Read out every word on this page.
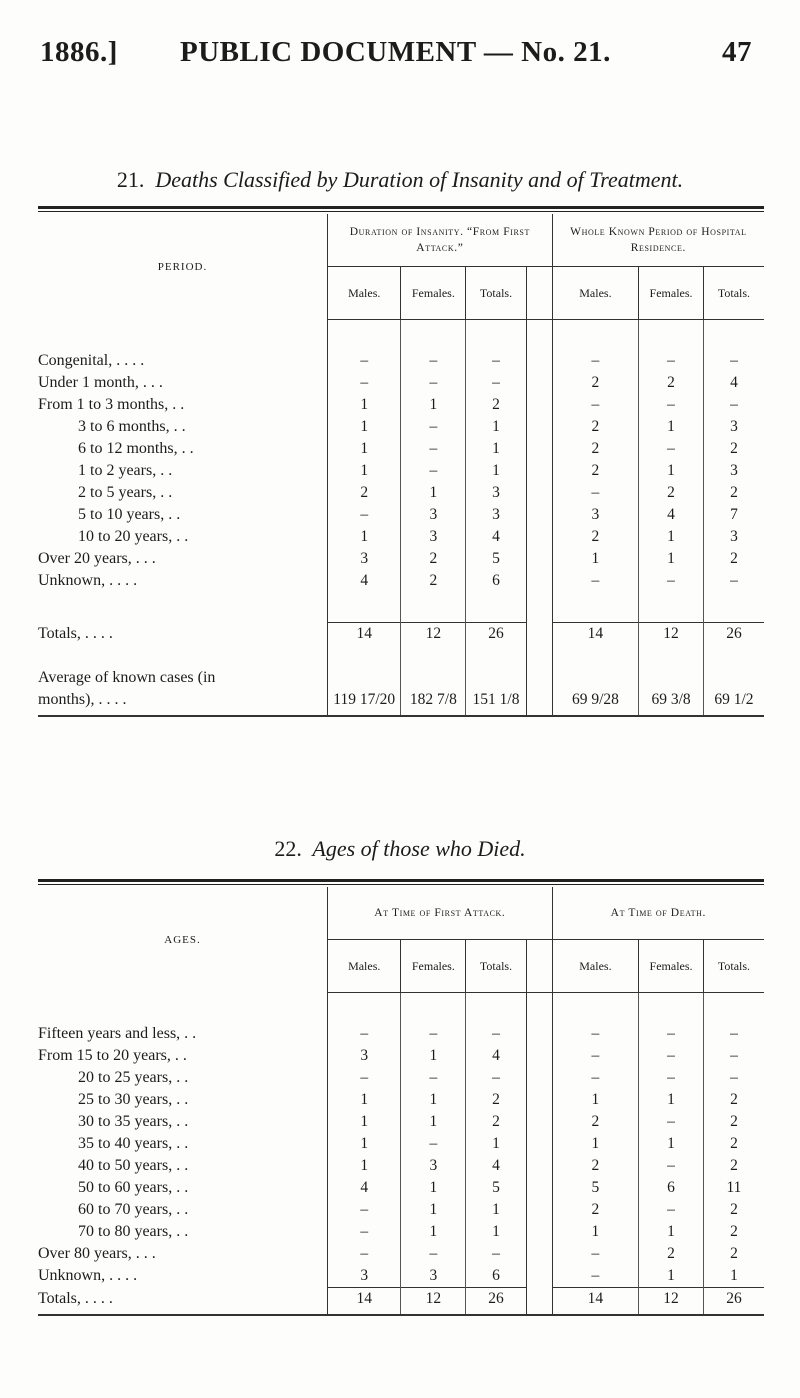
1886.] PUBLIC DOCUMENT — No. 21.	47
21. Deaths Classified by Duration of Insanity and of Treatment.
PERIOD.	Duration of Insanity. “From First Attack.”				Whole Known Period of Hospital Residence.		
	Males.	Females.	Totals.		Males.	Females.	Totals.

Congenital, . . . .	–	–	–		–	–	–
Under 1 month, . . .	–	–	–		2	2	4
From 1 to 3 months, . .	1	1	2		–	–	–
3 to 6 months, . .	1	–	1		2	1	3
6 to 12 months, . .	1	–	1		2	–	2
1 to 2 years, . .	1	–	1		2	1	3
2 to 5 years, . .	2	1	3		–	2	2
5 to 10 years, . .	–	3	3		3	4	7
10 to 20 years, . .	1	3	4		2	1	3
Over 20 years, . . .	3	2	5		1	1	2
Unknown, . . . .	4	2	6		–	–	–

Totals, . . . .	14	12	26		14	12	26

Average of known cases (in							
months), . . . .	119 17/20	182 7/8	151 1/8		69 9/28	69 3/8	69 1/2

22. Ages of those who Died.
AGES.	At Time of First Attack.				At Time of Death.		
	Males.	Females.	Totals.		Males.	Females.	Totals.

Fifteen years and less, . .	–	–	–		–	–	–
From 15 to 20 years, . .	3	1	4		–	–	–
20 to 25 years, . .	–	–	–		–	–	–
25 to 30 years, . .	1	1	2		1	1	2
30 to 35 years, . .	1	1	2		2	–	2
35 to 40 years, . .	1	–	1		1	1	2
40 to 50 years, . .	1	3	4		2	–	2
50 to 60 years, . .	4	1	5		5	6	11
60 to 70 years, . .	–	1	1		2	–	2
70 to 80 years, . .	–	1	1		1	1	2
Over 80 years, . . .	–	–	–		–	2	2
Unknown, . . . .	3	3	6		–	1	1
Totals, . . . .	14	12	26		14	12	26
